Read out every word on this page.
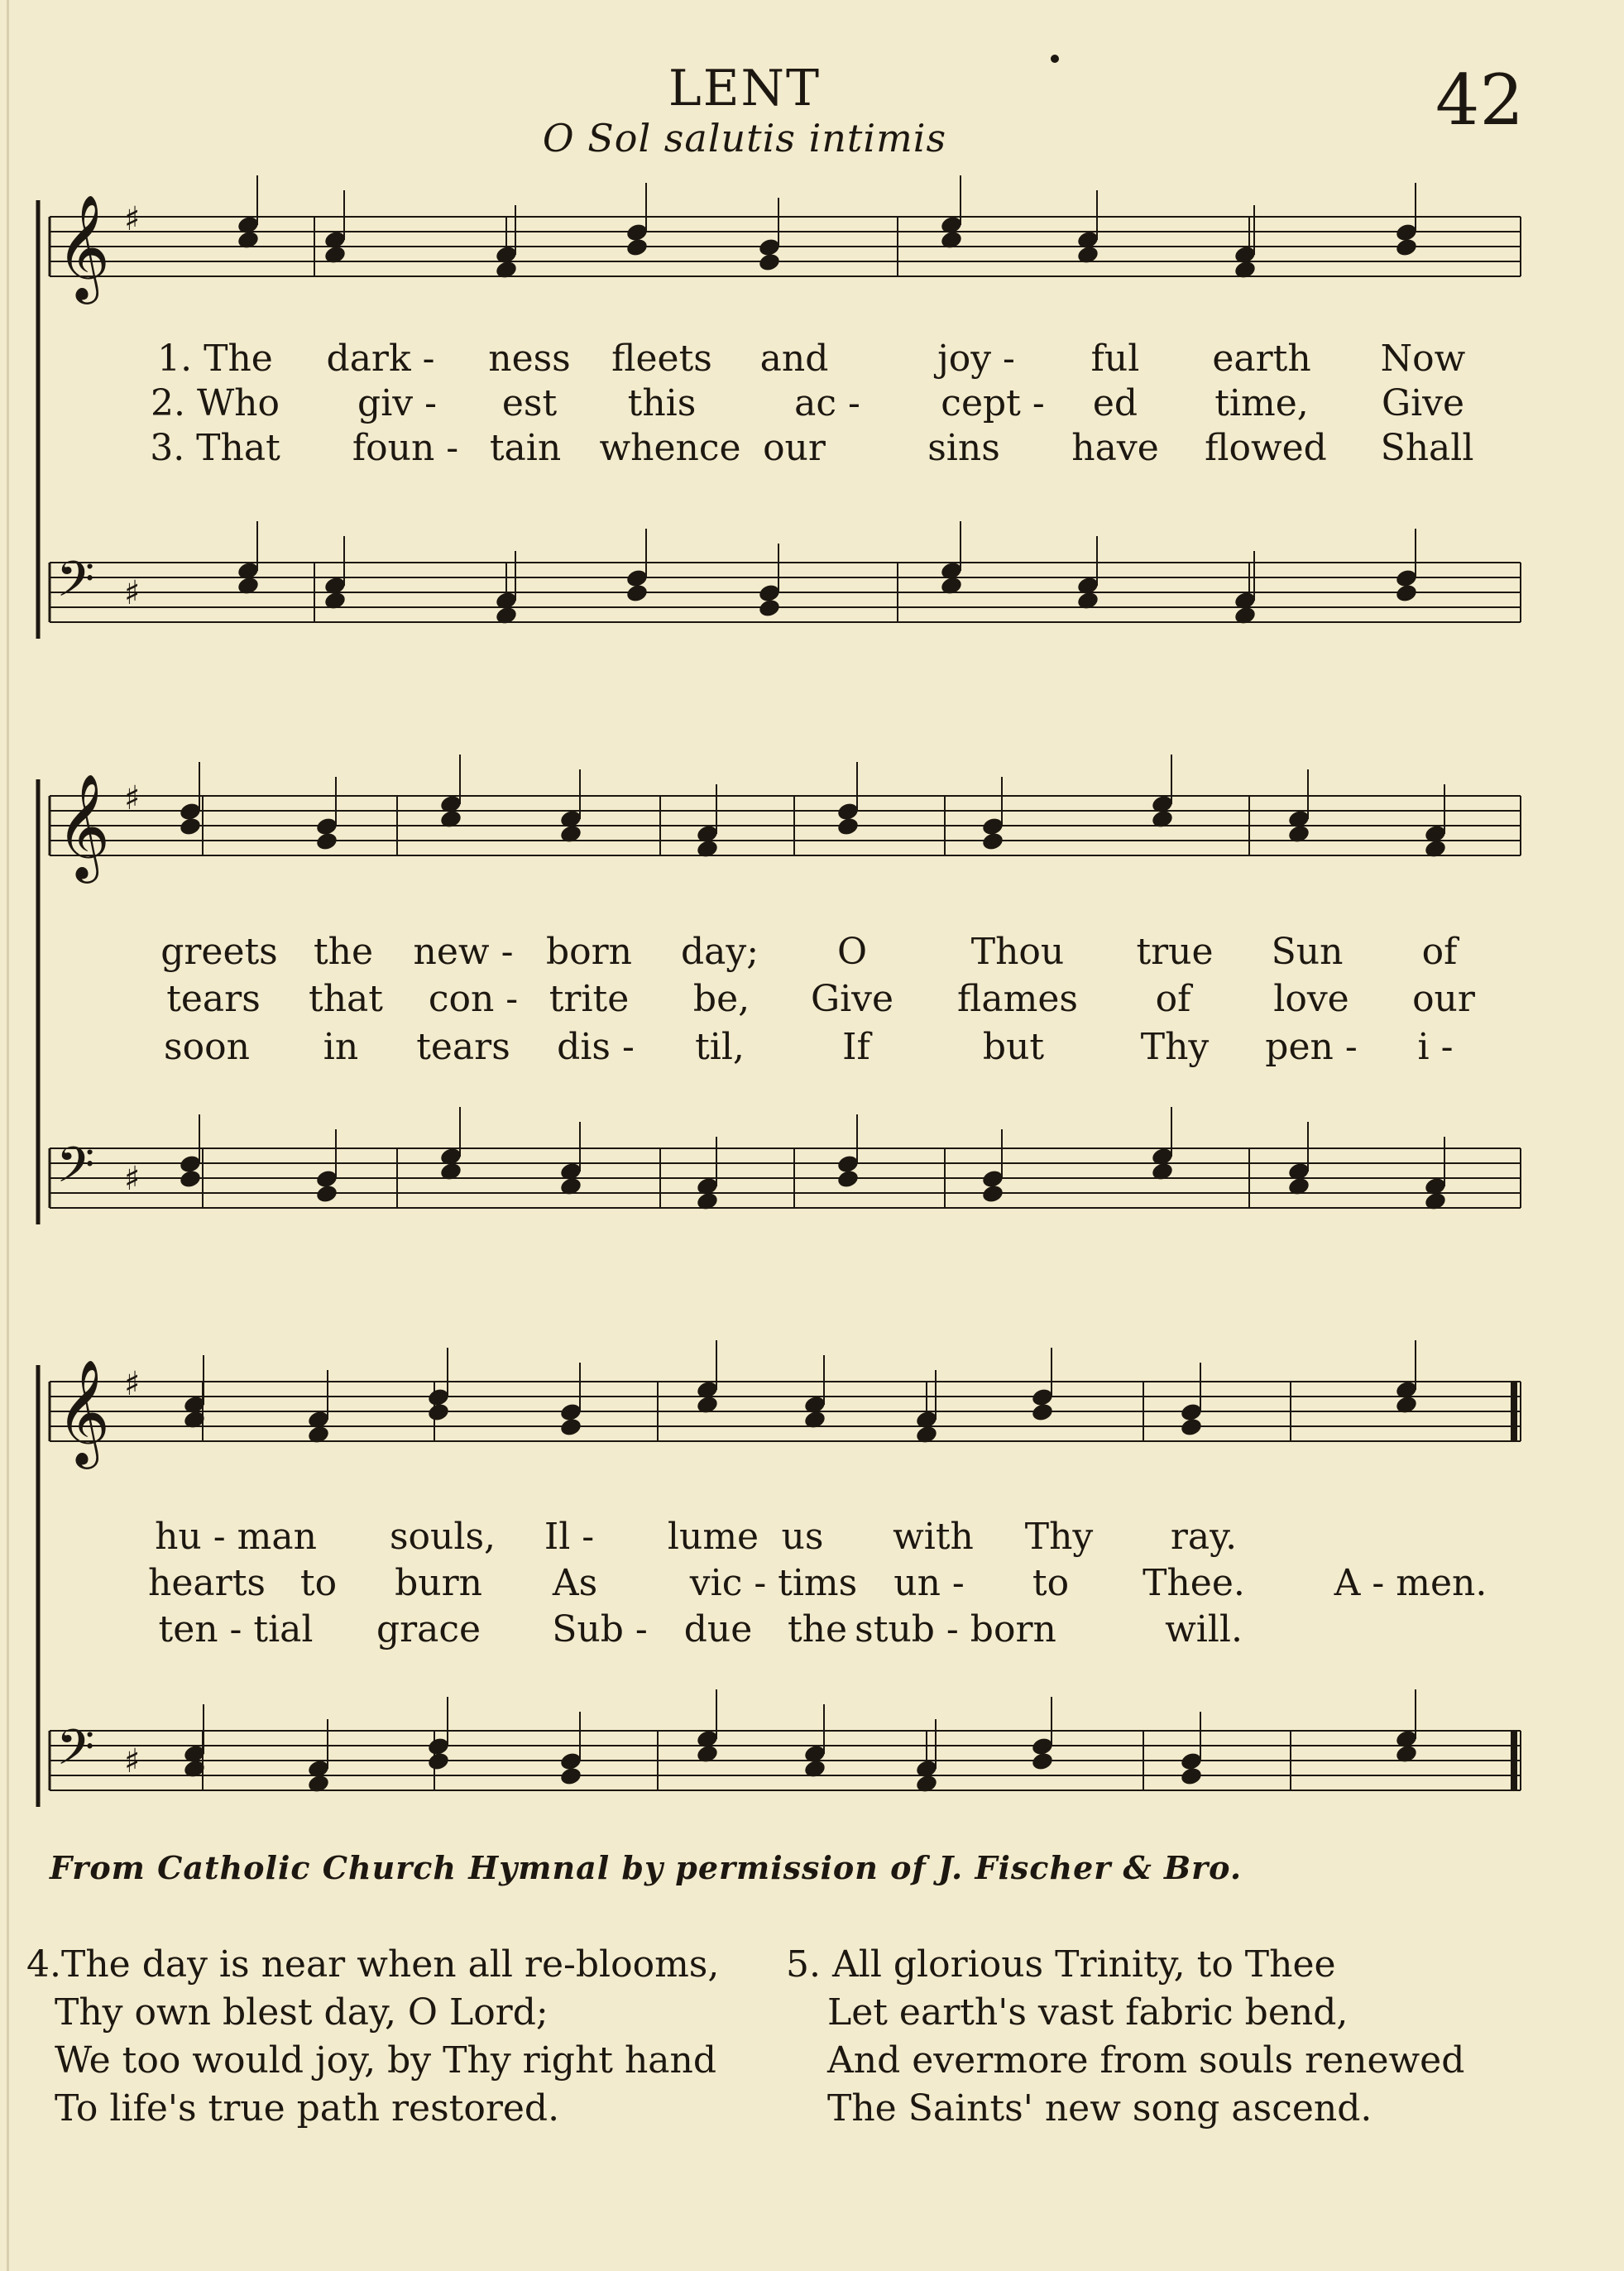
LENT
O Sol salutis intimis	42
𝄞 ♯
𝄢 ♯
𝄞 ♯
𝄢 ♯
𝄞 ♯
𝄢 ♯
1. The dark - ness fleets and	joy - ful earth Now
2. Who giv - est this	ac - cept - ed time, Give
3. That foun - tain whence our	sins have flowed Shall
greets the new - born day; O	Thou true Sun of
tears that con - trite be, Give flames of love our
soon in tears dis - til,	If	but	Thy pen - i -
hu - man souls, Il - lume us with Thy ray.
hearts to burn As	vic - tims un - to Thee. A - men.
ten - tial grace Sub - due the stub - born	will.
From Catholic Church Hymnal by permission of J. Fischer & Bro.
4.The day is near when all re-blooms,
Thy own blest day, O Lord;
We too would joy, by Thy right hand
To life's true path restored.
5. All glorious Trinity, to Thee
Let earth's vast fabric bend,
And evermore from souls renewed
The Saints' new song ascend.
